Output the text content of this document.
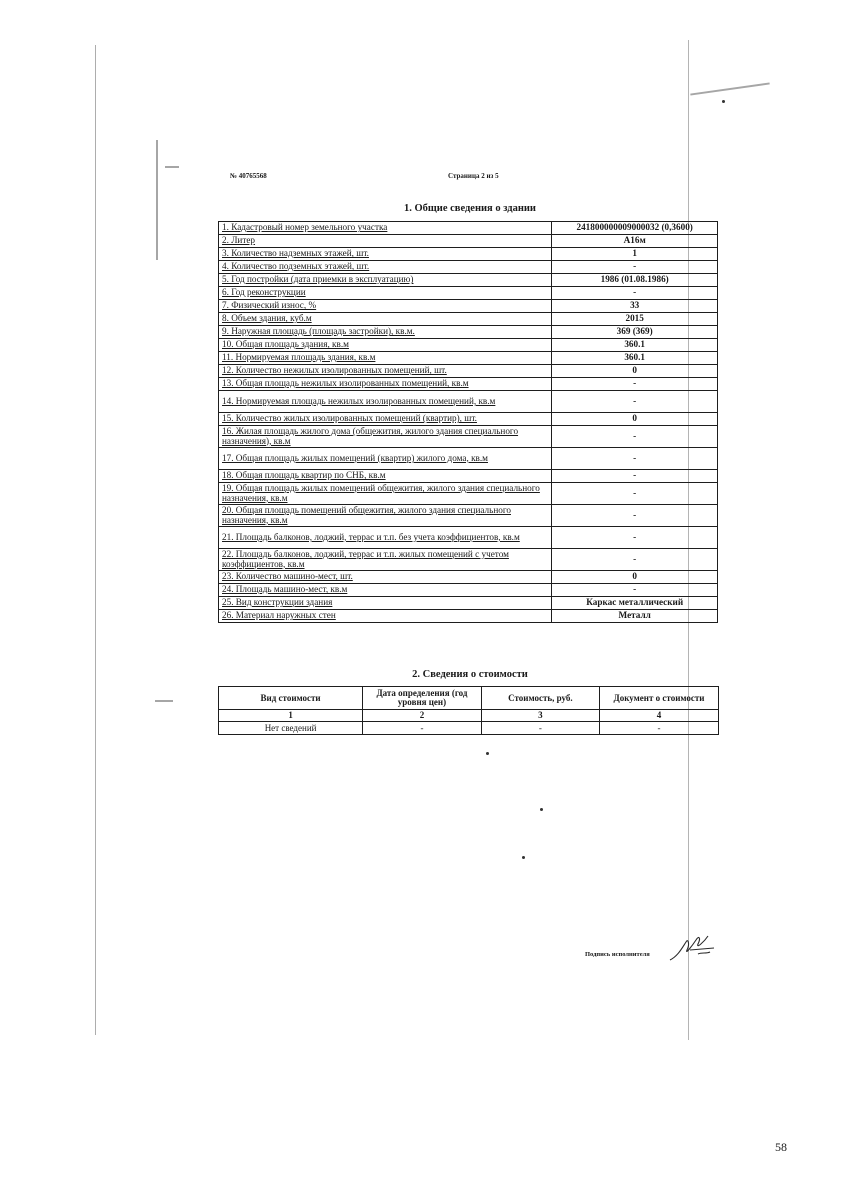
№ 40765568	Страница 2 из 5
1. Общие сведения о здании
1. Кадастровый номер земельного участка	241800000009000032 (0,3600)
2. Литер	А16м
3. Количество надземных этажей, шт.	1
4. Количество подземных этажей, шт.	-
5. Год постройки (дата приемки в эксплуатацию)	1986 (01.08.1986)
6. Год реконструкции	-
7. Физический износ, %	33
8. Объем здания, куб.м	2015
9. Наружная площадь (площадь застройки), кв.м.	369 (369)
10. Общая площадь здания, кв.м	360.1
11. Нормируемая площадь здания, кв.м	360.1
12. Количество нежилых изолированных помещений, шт.	0
13. Общая площадь нежилых изолированных помещений, кв.м	-
14. Нормируемая площадь нежилых изолированных помещений, кв.м	-
15. Количество жилых изолированных помещений (квартир), шт.	0
16. Жилая площадь жилого дома (общежития, жилого здания специального назначения), кв.м	-
17. Общая площадь жилых помещений (квартир) жилого дома, кв.м	-
18. Общая площадь квартир по СНБ, кв.м	-
19. Общая площадь жилых помещений общежития, жилого здания специального назначения, кв.м	-
20. Общая площадь помещений общежития, жилого здания специального назначения, кв.м	-
21. Площадь балконов, лоджий, террас и т.п. без учета коэффициентов, кв.м	-
22. Площадь балконов, лоджий, террас и т.п. жилых помещений с учетом коэффициентов, кв.м	-
23. Количество машино-мест, шт.	0
24. Площадь машино-мест, кв.м	-
25. Вид конструкции здания	Каркас металлический
26. Материал наружных стен	Металл
2. Сведения о стоимости
Вид стоимости	Дата определения (год уровня цен)	Стоимость, руб.	Документ о стоимости
1	2	3	4
Нет сведений	-	-	-
Подпись исполнителя
58
